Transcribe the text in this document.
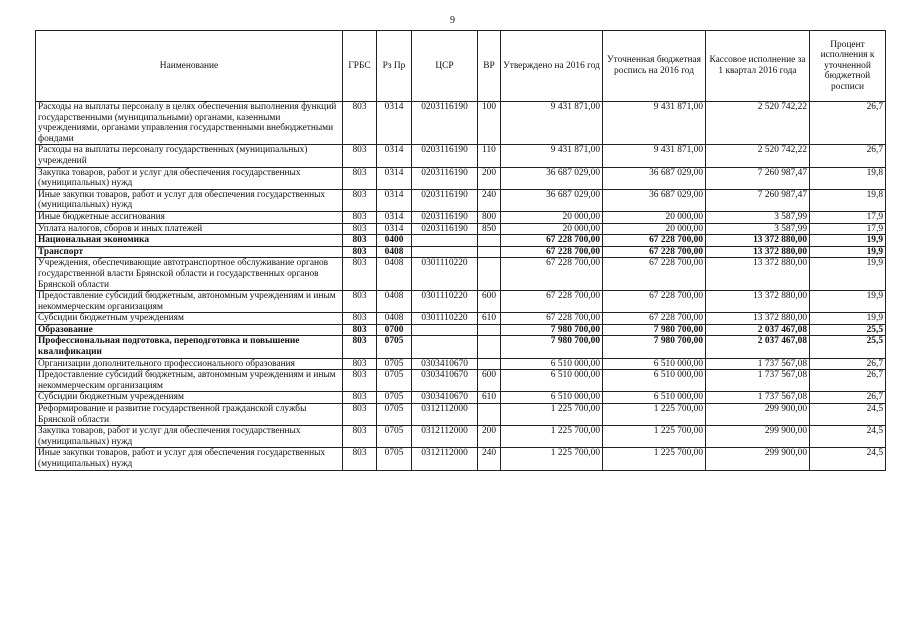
9
Наименование	ГРБС	Рз Пр	ЦСР	ВР	Утверждено на 2016 год	Уточненная бюджетная роспись на 2016 год	Кассовое исполнение за 1 квартал 2016 года	Процент исполнения к уточненной бюджетной росписи
Расходы на выплаты персоналу в целях обеспечения выполнения функций государственными (муниципальными) органами, казенными учреждениями, органами управления государственными внебюджетными фондами	803	0314	0203116190	100	9 431 871,00	9 431 871,00	2 520 742,22	26,7
Расходы на выплаты персоналу государственных (муниципальных) учреждений	803	0314	0203116190	110	9 431 871,00	9 431 871,00	2 520 742,22	26,7
Закупка товаров, работ и услуг для обеспечения государственных (муниципальных) нужд	803	0314	0203116190	200	36 687 029,00	36 687 029,00	7 260 987,47	19,8
Иные закупки товаров, работ и услуг для обеспечения государственных (муниципальных) нужд	803	0314	0203116190	240	36 687 029,00	36 687 029,00	7 260 987,47	19,8
Иные бюджетные ассигнования	803	0314	0203116190	800	20 000,00	20 000,00	3 587,99	17,9
Уплата налогов, сборов и иных платежей	803	0314	0203116190	850	20 000,00	20 000,00	3 587,99	17,9
Национальная экономика	803	0400			67 228 700,00	67 228 700,00	13 372 880,00	19,9
Транспорт	803	0408			67 228 700,00	67 228 700,00	13 372 880,00	19,9
Учреждения, обеспечивающие автотранспортное обслуживание органов государственной власти Брянской области и государственных органов Брянской области	803	0408	0301110220		67 228 700,00	67 228 700,00	13 372 880,00	19,9
Предоставление субсидий бюджетным, автономным учреждениям и иным некоммерческим организациям	803	0408	0301110220	600	67 228 700,00	67 228 700,00	13 372 880,00	19,9
Субсидии бюджетным учреждениям	803	0408	0301110220	610	67 228 700,00	67 228 700,00	13 372 880,00	19,9
Образование	803	0700			7 980 700,00	7 980 700,00	2 037 467,08	25,5
Профессиональная подготовка, переподготовка и повышение квалификации	803	0705			7 980 700,00	7 980 700,00	2 037 467,08	25,5
Организации дополнительного профессионального образования	803	0705	0303410670		6 510 000,00	6 510 000,00	1 737 567,08	26,7
Предоставление субсидий бюджетным, автономным учреждениям и иным некоммерческим организациям	803	0705	0303410670	600	6 510 000,00	6 510 000,00	1 737 567,08	26,7
Субсидии бюджетным учреждениям	803	0705	0303410670	610	6 510 000,00	6 510 000,00	1 737 567,08	26,7
Реформирование и развитие государственной гражданской службы Брянской области	803	0705	0312112000		1 225 700,00	1 225 700,00	299 900,00	24,5
Закупка товаров, работ и услуг для обеспечения государственных (муниципальных) нужд	803	0705	0312112000	200	1 225 700,00	1 225 700,00	299 900,00	24,5
Иные закупки товаров, работ и услуг для обеспечения государственных (муниципальных) нужд	803	0705	0312112000	240	1 225 700,00	1 225 700,00	299 900,00	24,5
